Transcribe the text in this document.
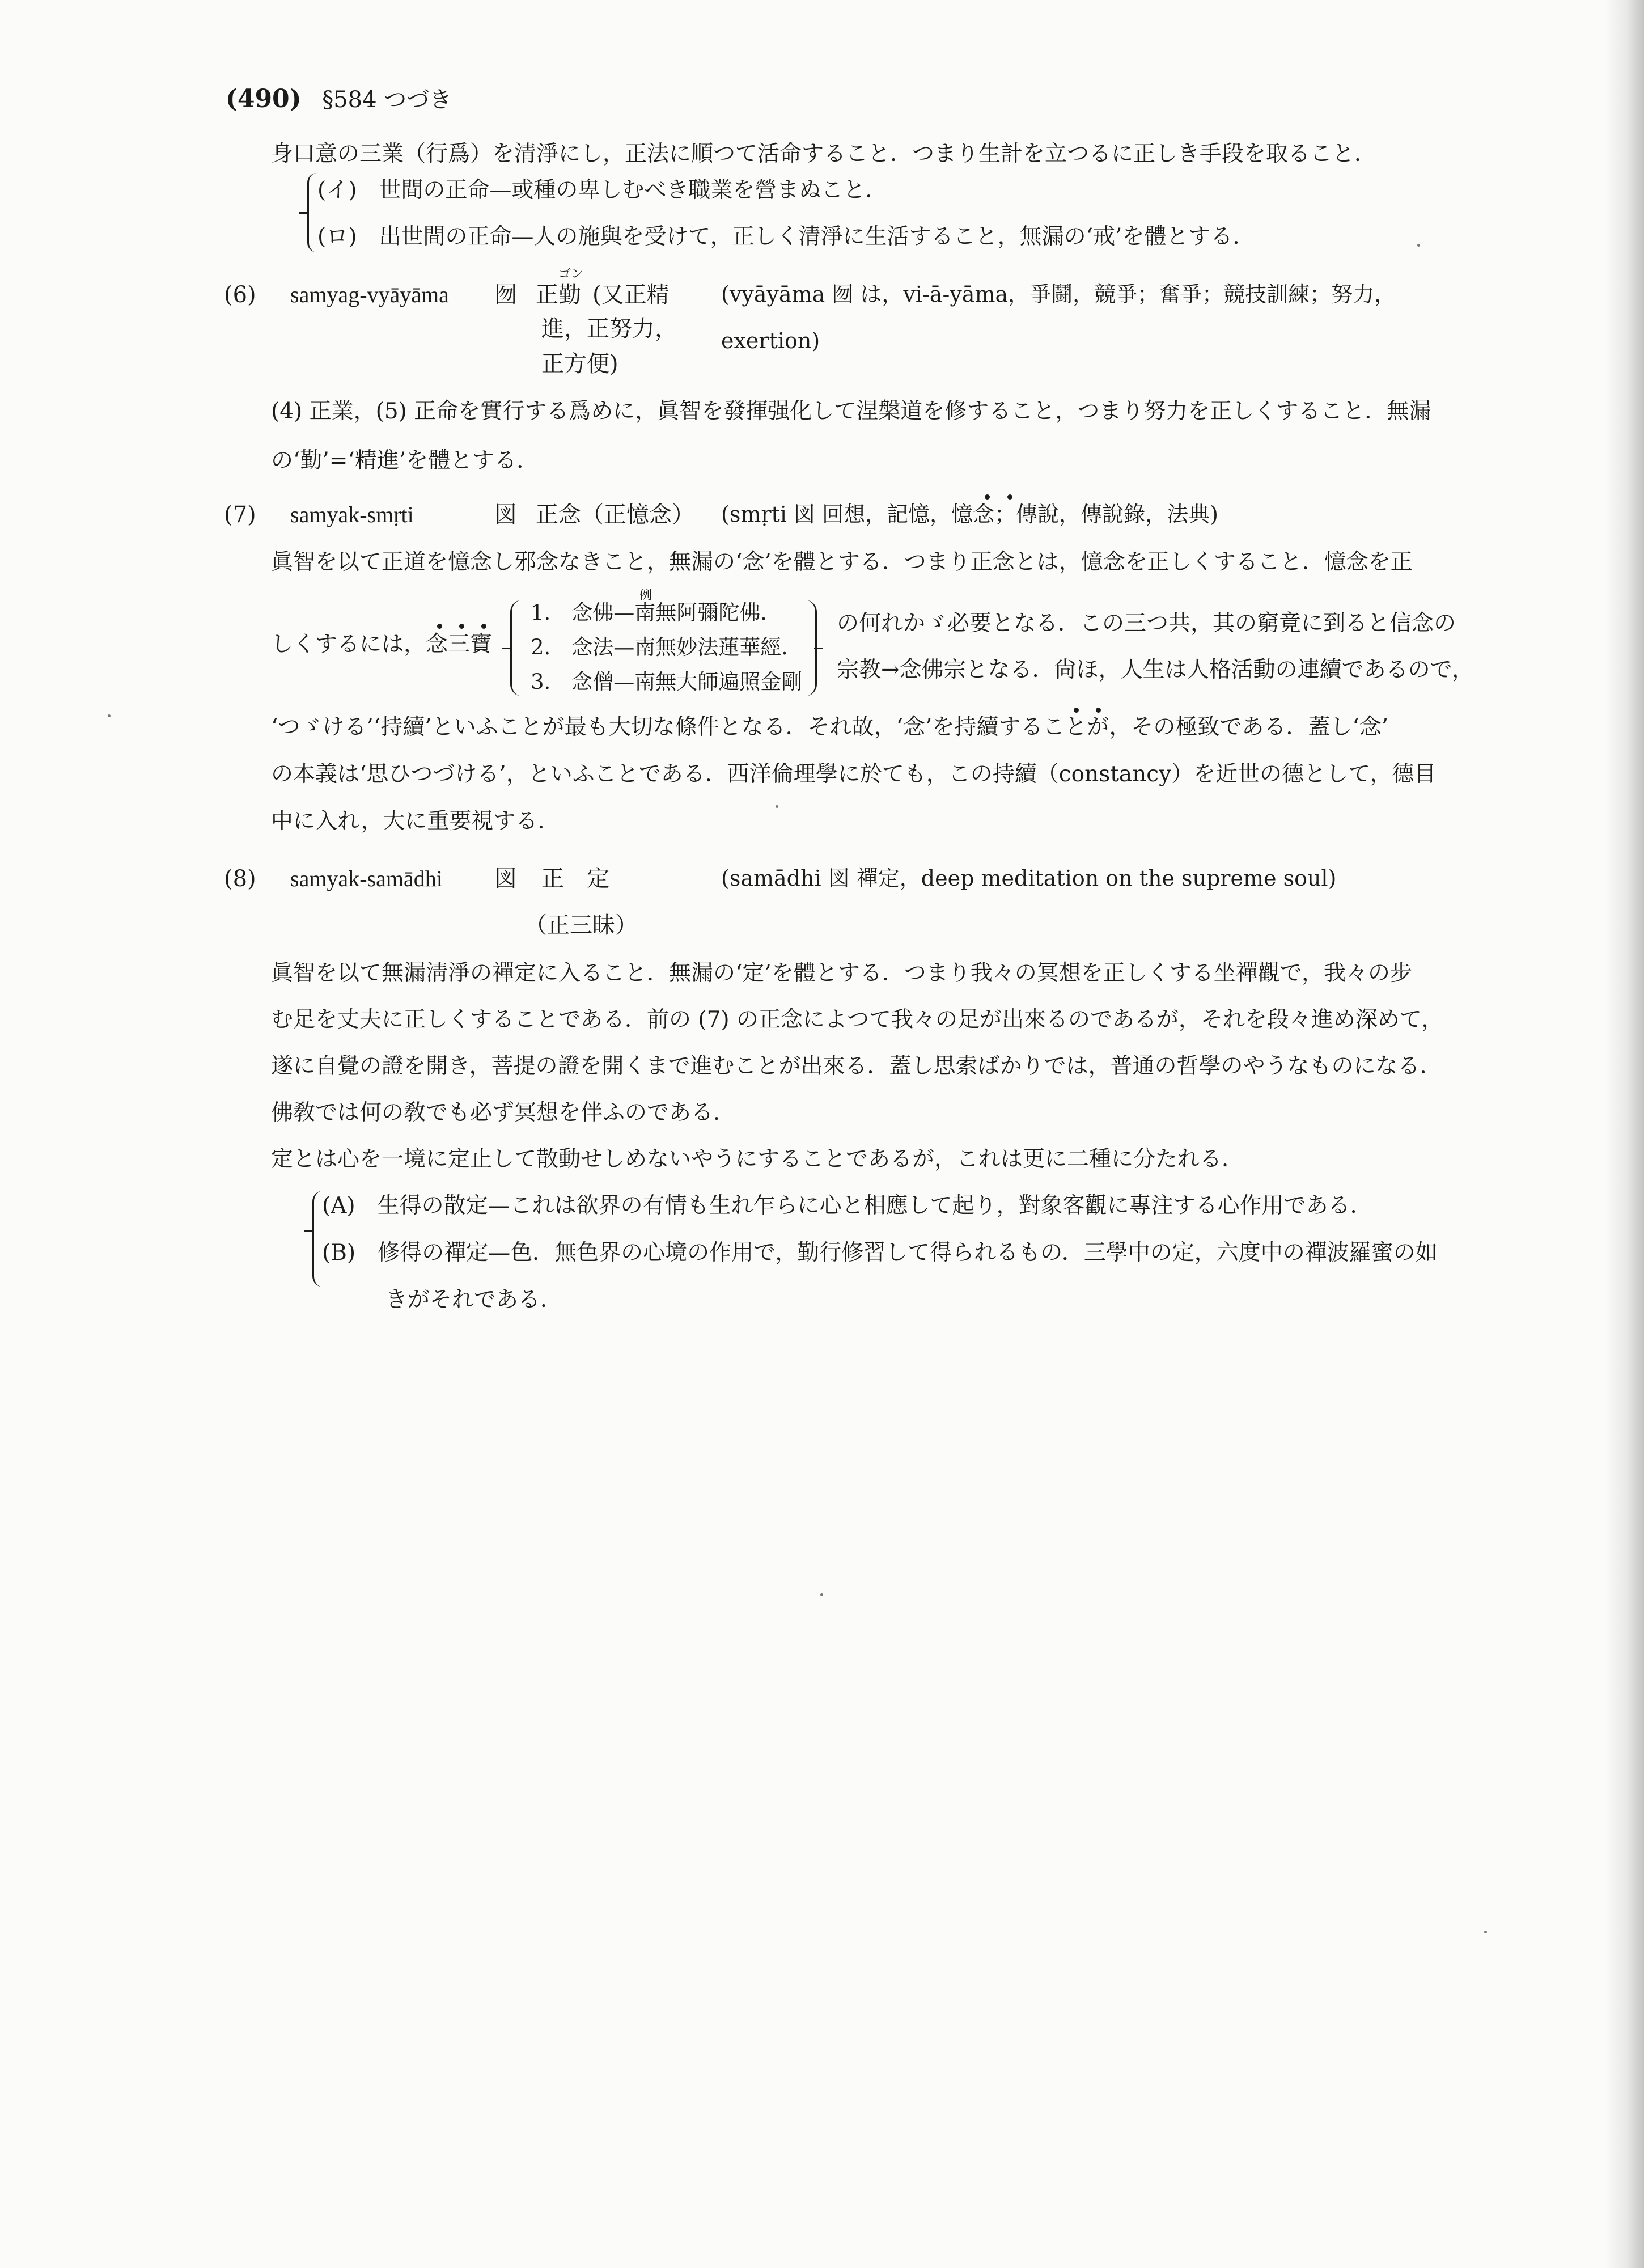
(490) §584 つづき
身口意の三業（行爲）を清淨にし，正法に順つて活命すること．つまり生計を立つるに正しき手段を取ること．
(イ)　世間の正命—或種の卑しむべき職業を營まぬこと．
(ロ)　出世間の正命—人の施與を受けて，正しく清淨に生活すること，無漏の‘戒’を體とする．
(6) samyag-vyāyāma 囫
ゴン
正勤 (又正精
進，正努力，
正方便)
(vyāyāma 囫 は，vi-ā-yāma，爭鬪，競爭；奮爭；競技訓練；努力，
exertion)
(4) 正業，(5) 正命を實行する爲めに，眞智を發揮强化して涅槃道を修すること，つまり努力を正しくすること．無漏
の‘勤’=‘精進’を體とする．
(7) samyak-smṛti	図 正念（正憶念） (smṛti 図 回想，記憶，憶念；傳說，傳說錄，法典)
眞智を以て正道を憶念し邪念なきこと，無漏の‘念’を體とする．つまり正念とは，憶念を正しくすること．憶念を正
しくするには，念三寶
例
1.　念佛—南無阿彌陀佛．
2.　念法—南無妙法蓮華經．
3.　念僧—南無大師遍照金剛
の何れかゞ必要となる．この三つ共，其の窮竟に到ると信念の
宗教→念佛宗となる．尙ほ，人生は人格活動の連續であるので，
‘つゞける’‘持續’といふことが最も大切な條件となる．それ故，‘念’を持續することが，その極致である．蓋し‘念’
の本義は‘思ひつづける’，といふことである．西洋倫理學に於ても，この持續（constancy）を近世の德として，德目
中に入れ，大に重要視する．
(8) samyak-samādhi 図 正　定
（正三昧）
(samādhi 図 禪定，deep meditation on the supreme soul)
眞智を以て無漏淸淨の禪定に入ること．無漏の‘定’を體とする．つまり我々の冥想を正しくする坐禪觀で，我々の步
む足を丈夫に正しくすることである．前の (7) の正念によつて我々の足が出來るのであるが，それを段々進め深めて，
遂に自覺の證を開き，菩提の證を開くまで進むことが出來る．蓋し思索ばかりでは，普通の哲學のやうなものになる．
佛敎では何の敎でも必ず冥想を伴ふのである．
定とは心を一境に定止して散動せしめないやうにすることであるが，これは更に二種に分たれる．
(A)　生得の散定—これは欲界の有情も生れ乍らに心と相應して起り，對象客觀に專注する心作用である．
(B)　修得の禪定—色．無色界の心境の作用で，勤行修習して得られるもの．三學中の定，六度中の禪波羅蜜の如
きがそれである．
